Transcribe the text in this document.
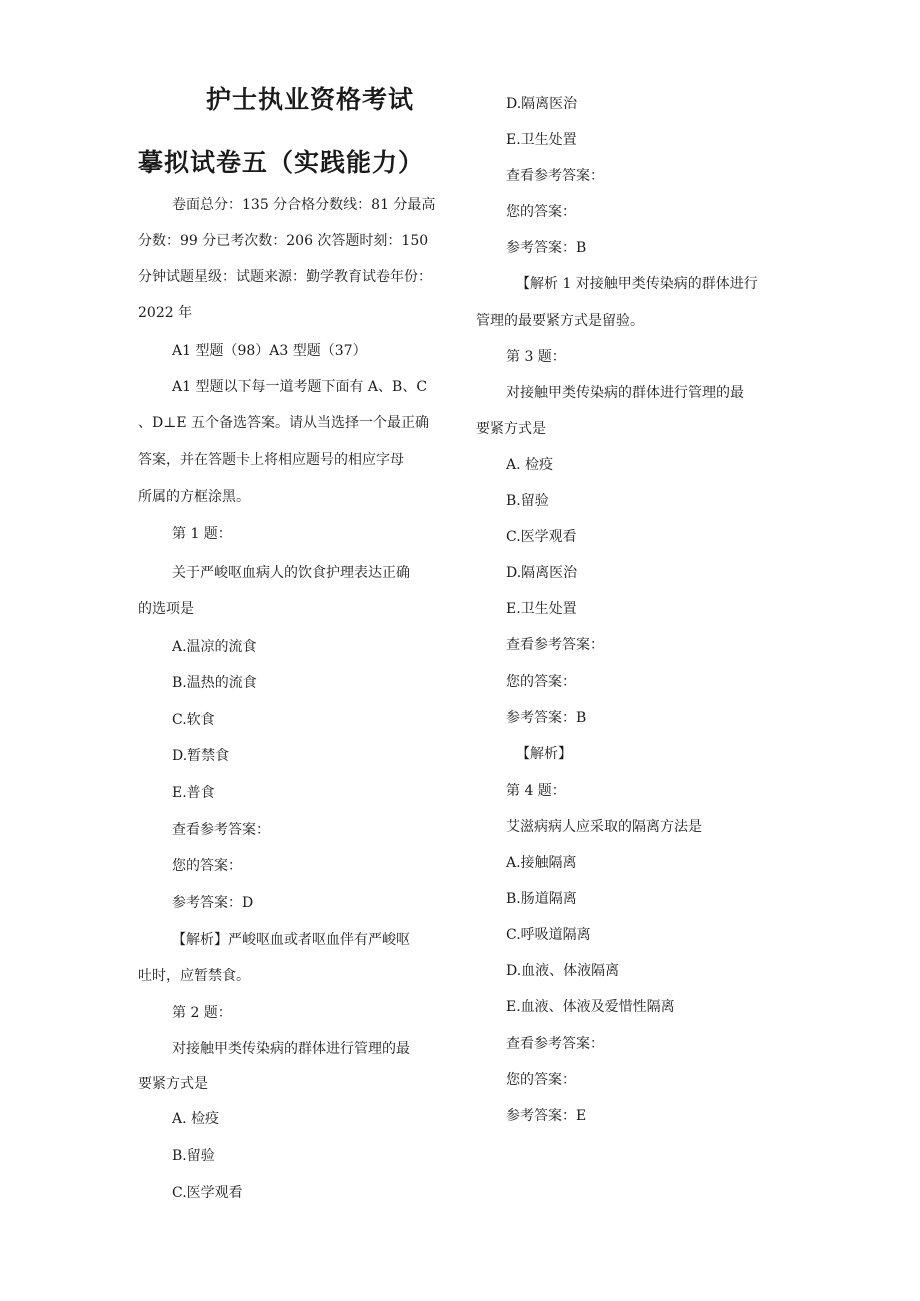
护士执业资格考试
摹拟试卷五（实践能力）
卷面总分：135 分合格分数线：81 分最高
分数：99 分已考次数：206 次答题时刻：150
分钟试题星级：试题来源：勤学教育试卷年份：
2022 年
A1 型题（98）A3 型题（37）
A1 型题以下每一道考题下面有 A、B、C
、D⊥E 五个备选答案。请从当选择一个最正确
答案，并在答题卡上将相应题号的相应字母
所属的方框涂黑。
第 1 题：
关于严峻呕血病人的饮食护理表达正确
的选项是
A.温凉的流食
B.温热的流食
C.软食
D.暂禁食
E.普食
查看参考答案：
您的答案：
参考答案：D
【解析】严峻呕血或者呕血伴有严峻呕
吐时，应暂禁食。
第 2 题：
对接触甲类传染病的群体进行管理的最
要紧方式是
A. 检疫
B.留验
C.医学观看
D.隔离医治
E.卫生处置
查看参考答案：
您的答案：
参考答案：B
【解析 1 对接触甲类传染病的群体进行
管理的最要紧方式是留验。
第 3 题：
对接触甲类传染病的群体进行管理的最
要紧方式是
A. 检疫
B.留验
C.医学观看
D.隔离医治
E.卫生处置
查看参考答案：
您的答案：
参考答案：B
【解析】
第 4 题：
艾滋病病人应采取的隔离方法是
A.接触隔离
B.肠道隔离
C.呼吸道隔离
D.血液、体液隔离
E.血液、体液及爱惜性隔离
查看参考答案：
您的答案：
参考答案：E
